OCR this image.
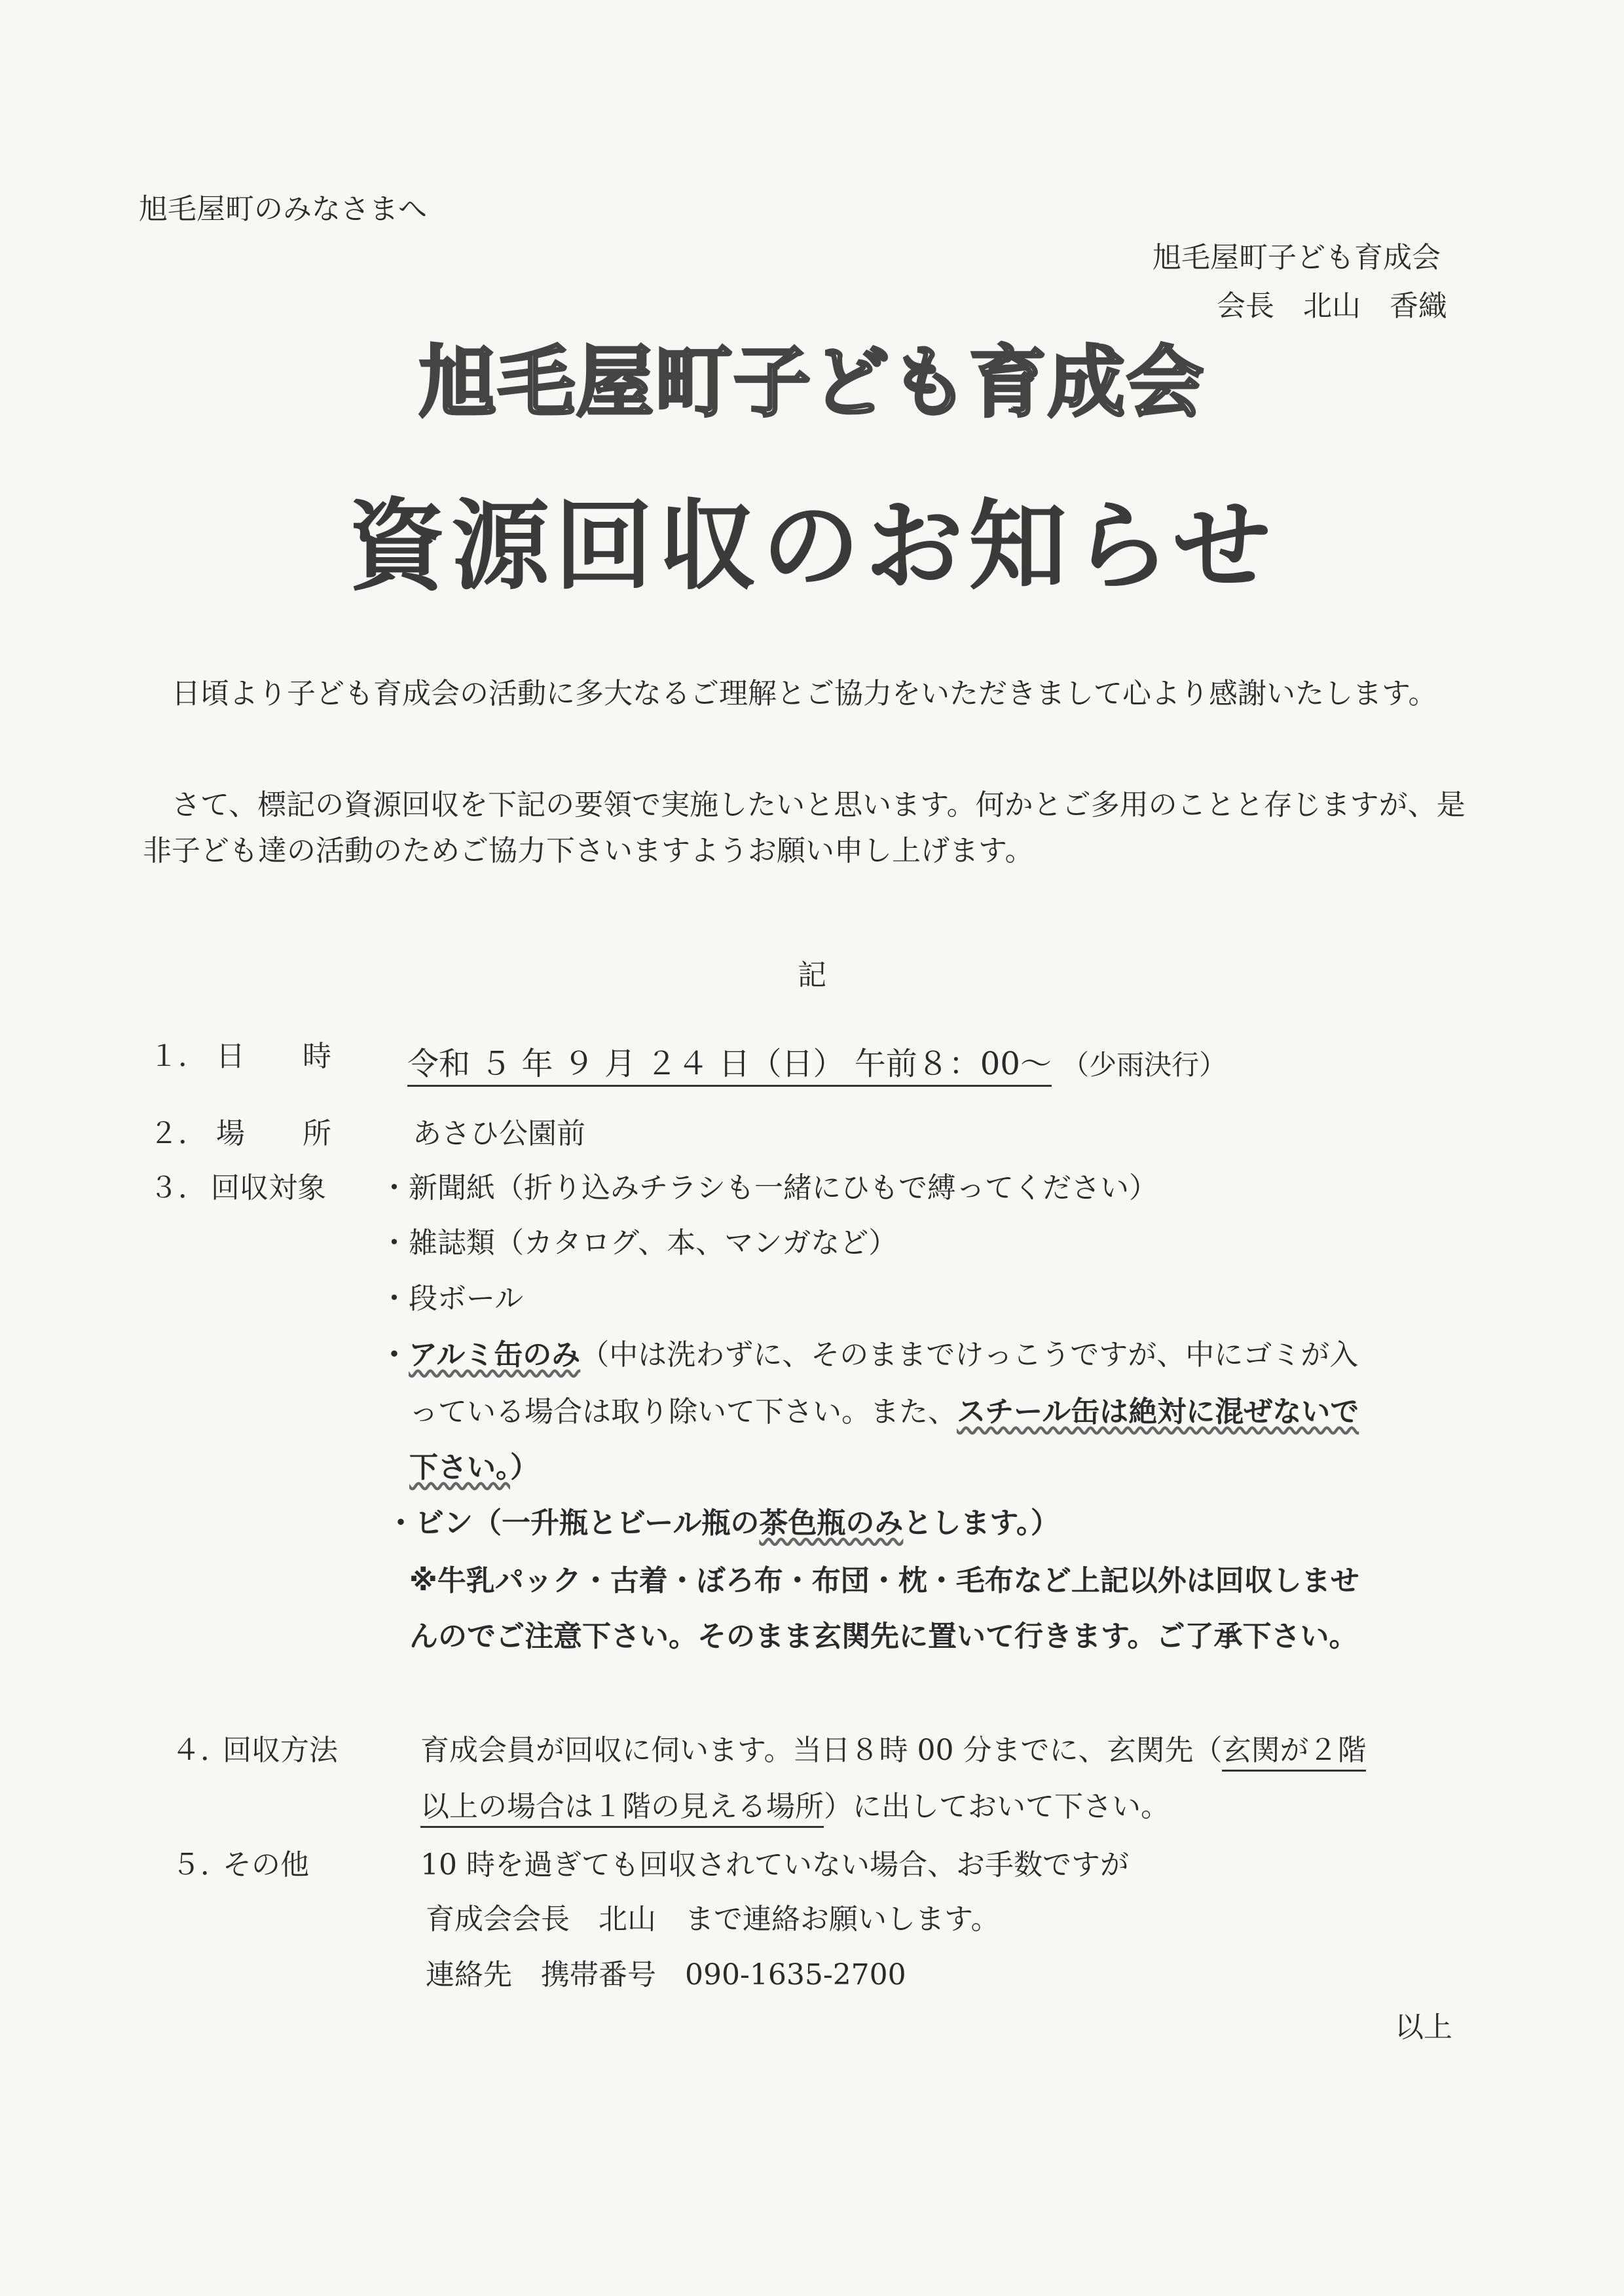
旭毛屋町のみなさまへ
旭毛屋町子ども育成会
会長　北山　香織
旭毛屋町子ども育成会
資源回収のお知らせ
日頃より子ども育成会の活動に多大なるご理解とご協力をいただきまして心より感謝いたします。
さて、標記の資源回収を下記の要領で実施したいと思います。何かとご多用のことと存じますが、是非子ども達の活動のためご協力下さいますようお願い申し上げます。
記
１． 日　　時 令和 ５ 年 ９ 月 ２４ 日（日） 午前８：00～ （少雨決行）
２． 場　　所	あさひ公園前
３． 回収対象 ・新聞紙（折り込みチラシも一緒にひもで縛ってください）
・雑誌類（カタログ、本、マンガなど）
・段ボール
・アルミ缶のみ（中は洗わずに、そのままでけっこうですが、中にゴミが入
っている場合は取り除いて下さい。また、スチール缶は絶対に混ぜないで
下さい。）
・ビン（一升瓶とビール瓶の茶色瓶のみとします。）
※牛乳パック・古着・ぼろ布・布団・枕・毛布など上記以外は回収しませ
んのでご注意下さい。そのまま玄関先に置いて行きます。ご了承下さい。
４．
回収方法	育成会員が回収に伺います。当日８時 00 分までに、玄関先（玄関が２階
以上の場合は１階の見える場所）に出しておいて下さい。
５．
その他	10 時を過ぎても回収されていない場合、お手数ですが
育成会会長　北山　まで連絡お願いします。
連絡先　携帯番号　090-1635-2700
以上
